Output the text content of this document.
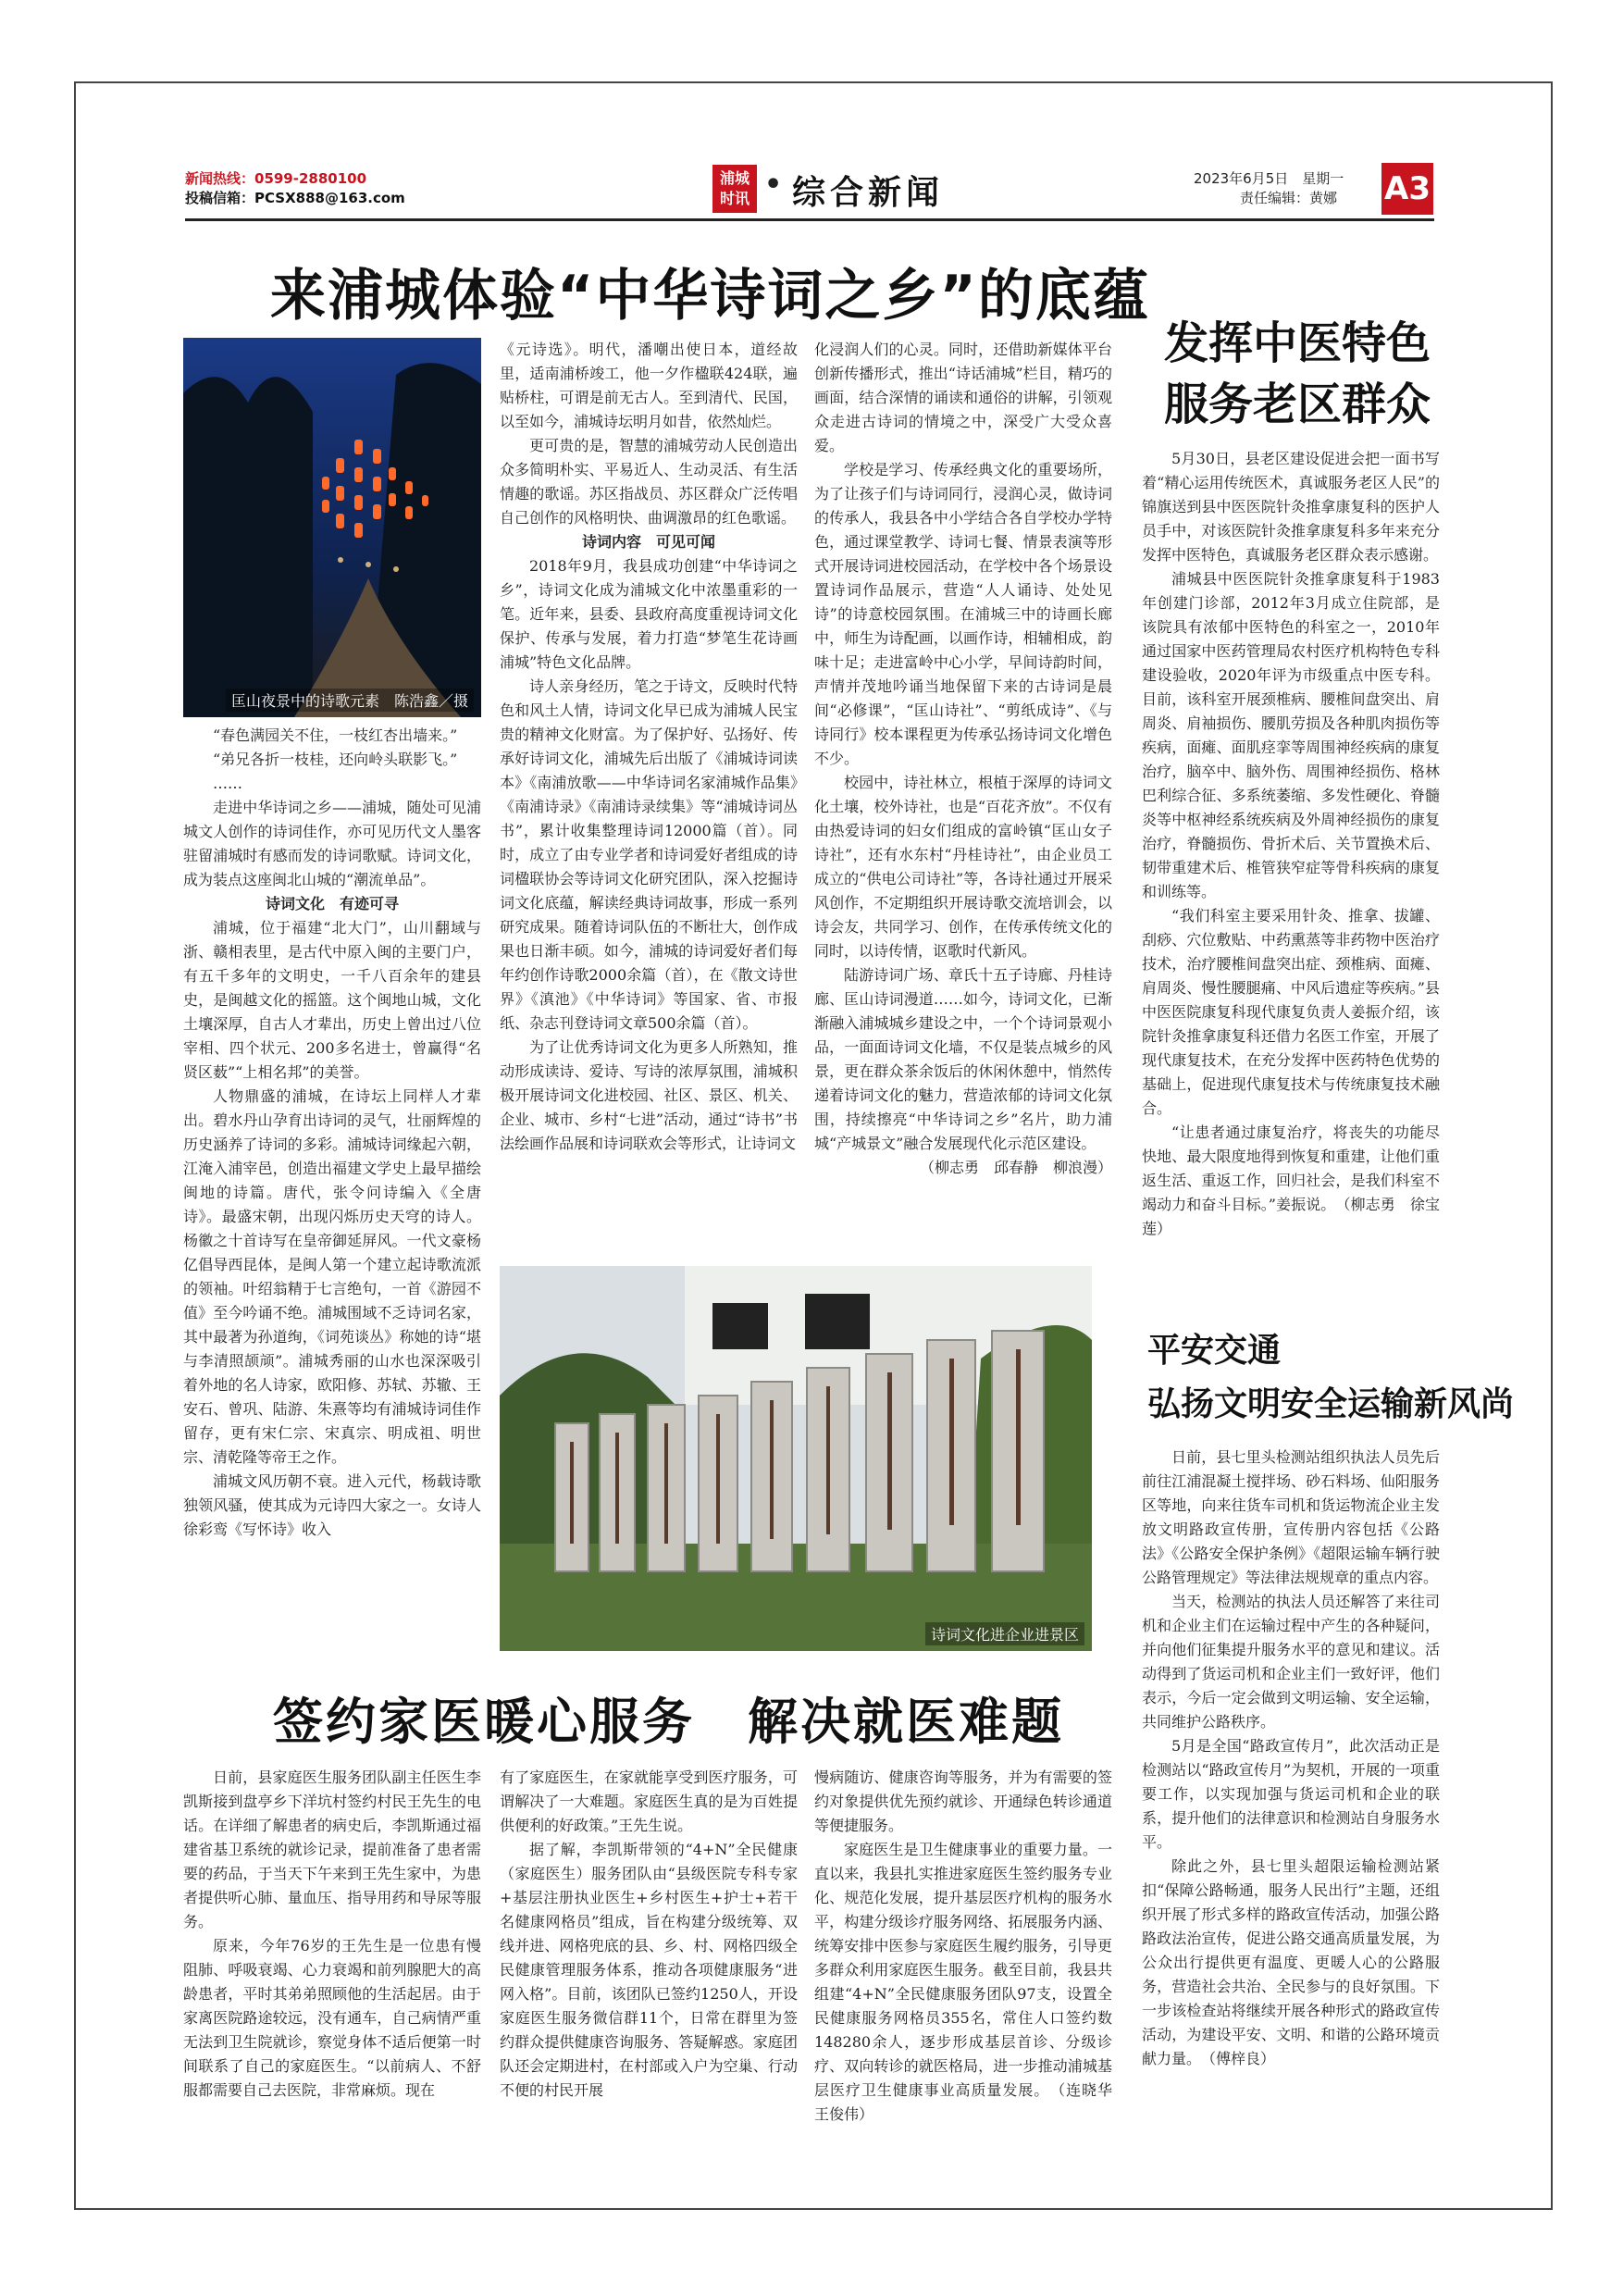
新闻热线：0599-2880100
投稿信箱：PCSX888@163.com
浦城时讯 • 综合新闻	2023年6月5日　星期一
责任编辑：黄娜 A3
来浦城体验“中华诗词之乡”的底蕴
匡山夜景中的诗歌元素　陈浩鑫／摄

　　“春色满园关不住，一枝红杏出墙来。”

　　“弟兄各折一枝桂，还向岭头联影飞。”

　　……

走进中华诗词之乡——浦城，随处可见浦城文人创作的诗词佳作，亦可见历代文人墨客驻留浦城时有感而发的诗词歌赋。诗词文化，成为装点这座闽北山城的“潮流单品”。

诗词文化　有迹可寻

浦城，位于福建“北大门”，山川翻域与浙、赣相表里，是古代中原入闽的主要门户，有五千多年的文明史，一千八百余年的建县史，是闽越文化的摇篮。这个闽地山城，文化土壤深厚，自古人才辈出，历史上曾出过八位宰相、四个状元、200多名进士，曾赢得“名贤区薮”“上相名邦”的美誉。

人物鼎盛的浦城，在诗坛上同样人才辈出。碧水丹山孕育出诗词的灵气，壮丽辉煌的历史涵养了诗词的多彩。浦城诗词缘起六朝，江淹入浦宰邑，创造出福建文学史上最早描绘闽地的诗篇。唐代，张令问诗编入《全唐诗》。最盛宋朝，出现闪烁历史天穹的诗人。杨徽之十首诗写在皇帝御延屏风。一代文豪杨亿倡导西昆体，是闽人第一个建立起诗歌流派的领袖。叶绍翁精于七言绝句，一首《游园不值》至今吟诵不绝。浦城围域不乏诗词名家，其中最著为孙道绚，《词苑谈丛》称她的诗“堪与李清照颉颃”。浦城秀丽的山水也深深吸引着外地的名人诗家，欧阳修、苏轼、苏辙、王安石、曾巩、陆游、朱熹等均有浦城诗词佳作留存，更有宋仁宗、宋真宗、明成祖、明世宗、清乾隆等帝王之作。

浦城文风历朝不衰。进入元代，杨载诗歌独领风骚，使其成为元诗四大家之一。女诗人徐彩鸾《写怀诗》收入

《元诗选》。明代，潘嘲出使日本，道经故里，适南浦桥竣工，他一夕作楹联424联，遍贴桥柱，可谓是前无古人。至到清代、民国，以至如今，浦城诗坛明月如昔，依然灿烂。

更可贵的是，智慧的浦城劳动人民创造出众多简明朴实、平易近人、生动灵活、有生活情趣的歌谣。苏区指战员、苏区群众广泛传唱自己创作的风格明快、曲调激昂的红色歌谣。

诗词内容　可见可闻

2018年9月，我县成功创建“中华诗词之乡”，诗词文化成为浦城文化中浓墨重彩的一笔。近年来，县委、县政府高度重视诗词文化保护、传承与发展，着力打造“梦笔生花诗画浦城”特色文化品牌。

诗人亲身经历，笔之于诗文，反映时代特色和风土人情，诗词文化早已成为浦城人民宝贵的精神文化财富。为了保护好、弘扬好、传承好诗词文化，浦城先后出版了《浦城诗词读本》《南浦放歌——中华诗词名家浦城作品集》《南浦诗录》《南浦诗录续集》等“浦城诗词丛书”，累计收集整理诗词12000篇（首）。同时，成立了由专业学者和诗词爱好者组成的诗词楹联协会等诗词文化研究团队，深入挖掘诗词文化底蕴，解读经典诗词故事，形成一系列研究成果。随着诗词队伍的不断壮大，创作成果也日渐丰硕。如今，浦城的诗词爱好者们每年约创作诗歌2000余篇（首），在《散文诗世界》《滇池》《中华诗词》等国家、省、市报纸、杂志刊登诗词文章500余篇（首）。

为了让优秀诗词文化为更多人所熟知，推动形成读诗、爱诗、写诗的浓厚氛围，浦城积极开展诗词文化进校园、社区、景区、机关、企业、城市、乡村“七进”活动，通过“诗书”书法绘画作品展和诗词联欢会等形式，让诗词文

化浸润人们的心灵。同时，还借助新媒体平台创新传播形式，推出“诗话浦城”栏目，精巧的画面，结合深情的诵读和通俗的讲解，引领观众走进古诗词的情境之中，深受广大受众喜爱。

学校是学习、传承经典文化的重要场所，为了让孩子们与诗词同行，浸润心灵，做诗词的传承人，我县各中小学结合各自学校办学特色，通过课堂教学、诗词七餐、情景表演等形式开展诗词进校园活动，在学校中各个场景设置诗词作品展示，营造“人人诵诗、处处见诗”的诗意校园氛围。在浦城三中的诗画长廊中，师生为诗配画，以画作诗，相辅相成，韵味十足；走进富岭中心小学，早间诗韵时间，声情并茂地吟诵当地保留下来的古诗词是晨间“必修课”，“匡山诗社”、“剪纸成诗”、《与诗同行》校本课程更为传承弘扬诗词文化增色不少。

校园中，诗社林立，根植于深厚的诗词文化土壤，校外诗社，也是“百花齐放”。不仅有由热爱诗词的妇女们组成的富岭镇“匡山女子诗社”，还有水东村“丹桂诗社”，由企业员工成立的“供电公司诗社”等，各诗社通过开展采风创作，不定期组织开展诗歌交流培训会，以诗会友，共同学习、创作，在传承传统文化的同时，以诗传情，讴歌时代新风。

陆游诗词广场、章氏十五子诗廊、丹桂诗廊、匡山诗词漫道……如今，诗词文化，已渐渐融入浦城城乡建设之中，一个个诗词景观小品，一面面诗词文化墙，不仅是装点城乡的风景，更在群众茶余饭后的休闲休憩中，悄然传递着诗词文化的魅力，营造浓郁的诗词文化氛围，持续擦亮“中华诗词之乡”名片，助力浦城“产城景文”融合发展现代化示范区建设。

（柳志勇　邱春静　柳浪漫）

诗词文化进企业进景区
发挥中医特色
服务老区群众

5月30日，县老区建设促进会把一面书写着“精心运用传统医术，真诚服务老区人民”的锦旗送到县中医医院针灸推拿康复科的医护人员手中，对该医院针灸推拿康复科多年来充分发挥中医特色，真诚服务老区群众表示感谢。

浦城县中医医院针灸推拿康复科于1983年创建门诊部，2012年3月成立住院部，是该院具有浓郁中医特色的科室之一，2010年通过国家中医药管理局农村医疗机构特色专科建设验收，2020年评为市级重点中医专科。目前，该科室开展颈椎病、腰椎间盘突出、肩周炎、肩袖损伤、腰肌劳损及各种肌肉损伤等疾病，面瘫、面肌痉挛等周围神经疾病的康复治疗，脑卒中、脑外伤、周围神经损伤、格林巴利综合征、多系统萎缩、多发性硬化、脊髓炎等中枢神经系统疾病及外周神经损伤的康复治疗，脊髓损伤、骨折术后、关节置换术后、韧带重建术后、椎管狭窄症等骨科疾病的康复和训练等。

“我们科室主要采用针灸、推拿、拔罐、刮痧、穴位敷贴、中药熏蒸等非药物中医治疗技术，治疗腰椎间盘突出症、颈椎病、面瘫、肩周炎、慢性腰腿痛、中风后遗症等疾病。”县中医医院康复科现代康复负责人姜振介绍，该院针灸推拿康复科还借力名医工作室，开展了现代康复技术，在充分发挥中医药特色优势的基础上，促进现代康复技术与传统康复技术融合。

“让患者通过康复治疗，将丧失的功能尽快地、最大限度地得到恢复和重建，让他们重返生活、重返工作，回归社会，是我们科室不竭动力和奋斗目标。”姜振说。　（柳志勇　徐宝莲）

平安交通
弘扬文明安全运输新风尚

日前，县七里头检测站组织执法人员先后前往江浦混凝土搅拌场、砂石料场、仙阳服务区等地，向来往货车司机和货运物流企业主发放文明路政宣传册，宣传册内容包括《公路法》《公路安全保护条例》《超限运输车辆行驶公路管理规定》等法律法规规章的重点内容。

当天，检测站的执法人员还解答了来往司机和企业主们在运输过程中产生的各种疑问，并向他们征集提升服务水平的意见和建议。活动得到了货运司机和企业主们一致好评，他们表示，今后一定会做到文明运输、安全运输，共同维护公路秩序。

5月是全国“路政宣传月”，此次活动正是检测站以“路政宣传月”为契机，开展的一项重要工作，以实现加强与货运司机和企业的联系，提升他们的法律意识和检测站自身服务水平。

除此之外，县七里头超限运输检测站紧扣“保障公路畅通，服务人民出行”主题，还组织开展了形式多样的路政宣传活动，加强公路路政法治宣传，促进公路交通高质量发展，为公众出行提供更有温度、更暖人心的公路服务，营造社会共治、全民参与的良好氛围。下一步该检查站将继续开展各种形式的路政宣传活动，为建设平安、文明、和谐的公路环境贡献力量。　（傅梓良）

签约家医暖心服务　解决就医难题

日前，县家庭医生服务团队副主任医生李凯斯接到盘亭乡下洋坑村签约村民王先生的电话。在详细了解患者的病史后，李凯斯通过福建省基卫系统的就诊记录，提前准备了患者需要的药品，于当天下午来到王先生家中，为患者提供听心肺、量血压、指导用药和导尿等服务。

原来，今年76岁的王先生是一位患有慢阻肺、呼吸衰竭、心力衰竭和前列腺肥大的高龄患者，平时其弟弟照顾他的生活起居。由于家离医院路途较远，没有通车，自己病情严重无法到卫生院就诊，察觉身体不适后便第一时间联系了自己的家庭医生。“以前病人、不舒服都需要自己去医院，非常麻烦。现在

有了家庭医生，在家就能享受到医疗服务，可谓解决了一大难题。家庭医生真的是为百姓提供便利的好政策。”王先生说。

据了解，李凯斯带领的“4+N”全民健康（家庭医生）服务团队由“县级医院专科专家+基层注册执业医生+乡村医生+护士+若干名健康网格员”组成，旨在构建分级统筹、双线并进、网格兜底的县、乡、村、网格四级全民健康管理服务体系，推动各项健康服务“进网入格”。目前，该团队已签约1250人，开设家庭医生服务微信群11个，日常在群里为签约群众提供健康咨询服务、答疑解惑。家庭团队还会定期进村，在村部或入户为空巢、行动不便的村民开展

慢病随访、健康咨询等服务，并为有需要的签约对象提供优先预约就诊、开通绿色转诊通道等便捷服务。

家庭医生是卫生健康事业的重要力量。一直以来，我县扎实推进家庭医生签约服务专业化、规范化发展，提升基层医疗机构的服务水平，构建分级诊疗服务网络、拓展服务内涵、统筹安排中医参与家庭医生履约服务，引导更多群众利用家庭医生服务。截至目前，我县共组建“4+N”全民健康服务团队97支，设置全民健康服务网格员355名，常住人口签约数148280余人，逐步形成基层首诊、分级诊疗、双向转诊的就医格局，进一步推动浦城基层医疗卫生健康事业高质量发展。　（连晓华　王俊伟）
